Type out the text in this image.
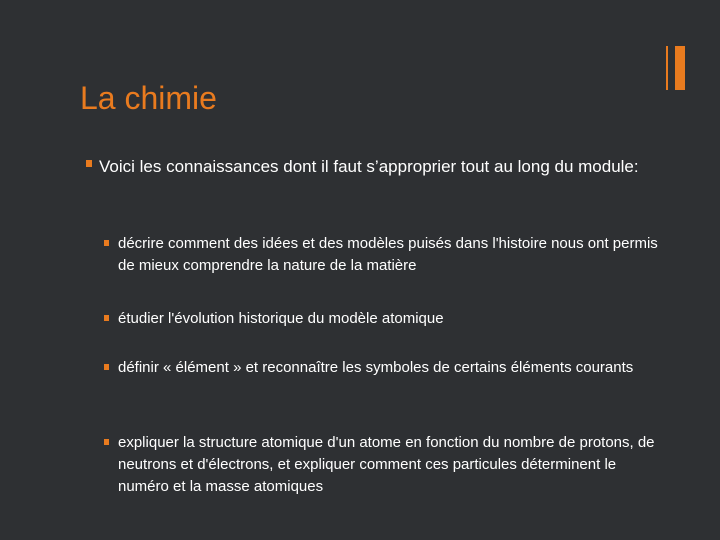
La chimie
Voici les connaissances dont il faut s’approprier tout au long du module:
décrire comment des idées et des modèles puisés dans l'histoire nous ont permis de mieux comprendre la nature de la matière
étudier l'évolution historique du modèle atomique
définir « élément » et reconnaître les symboles de certains éléments courants
expliquer la structure atomique d'un atome en fonction du nombre de protons, de neutrons et d'électrons, et expliquer comment ces particules déterminent le numéro et la masse atomiques
